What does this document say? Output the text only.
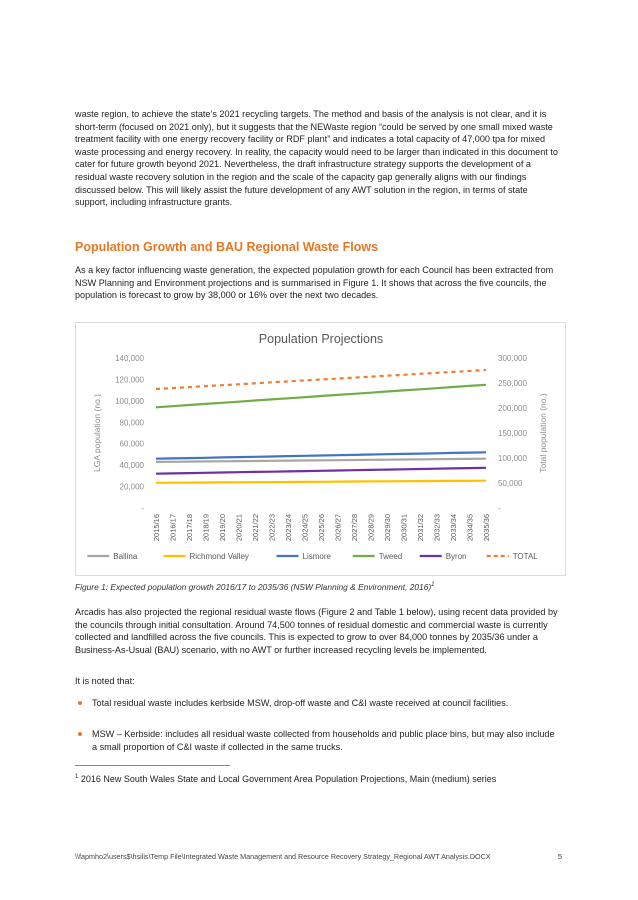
waste region, to achieve the state’s 2021 recycling targets. The method and basis of the analysis is not clear, and it is short-term (focused on 2021 only), but it suggests that the NEWaste region “could be served by one small mixed waste treatment facility with one energy recovery facility or RDF plant” and indicates a total capacity of 47,000 tpa for mixed waste processing and energy recovery. In reality, the capacity would need to be larger than indicated in this document to cater for future growth beyond 2021. Nevertheless, the draft infrastructure strategy supports the development of a residual waste recovery solution in the region and the scale of the capacity gap generally aligns with our findings discussed below. This will likely assist the future development of any AWT solution in the region, in terms of state support, including infrastructure grants.

Population Growth and BAU Regional Waste Flows

As a key factor influencing waste generation, the expected population growth for each Council has been extracted from NSW Planning and Environment projections and is summarised in Figure 1. It shows that across the five councils, the population is forecast to grow by 38,000 or 16% over the next two decades.

Population Projections
-
20,000
40,000
60,000
80,000
100,000
120,000
140,000
-
50,000
100,000
150,000
200,000
250,000
300,000
LGA population (no.)	Total population (no.)
2015/16 2016/17 2017/18 2018/19 2019/20 2020/21 2021/22 2022/23 2023/24 2024/25 2025/26 2026/27 2027/28 2028/29 2029/30 2030/31 2031/32 2032/33 2033/34 2034/35 2035/36
Ballina	Richmond Valley	Lismore	Tweed	Byron	TOTAL

Figure 1: Expected population growth 2016/17 to 2035/36 (NSW Planning & Environment, 2016)$^1$

Arcadis has also projected the regional residual waste flows (Figure 2 and Table 1 below), using recent data provided by the councils through initial consultation. Around 74,500 tonnes of residual domestic and commercial waste is currently collected and landfilled across the five councils. This is expected to grow to over 84,000 tonnes by 2035/36 under a Business-As-Usual (BAU) scenario, with no AWT or further increased recycling levels be implemented.

It is noted that:

Total residual waste includes kerbside MSW, drop-off waste and C&I waste received at council facilities.

MSW – Kerbside: includes all residual waste collected from households and public place bins, but may also include a small proportion of C&I waste if collected in the same trucks.

$^1$ 2016 New South Wales State and Local Government Area Population Projections, Main (medium) series

\\fapmho2\users$\hsilis\Temp File\Integrated Waste Management and Resource Recovery Strategy_Regional AWT Analysis.DOCX	5
